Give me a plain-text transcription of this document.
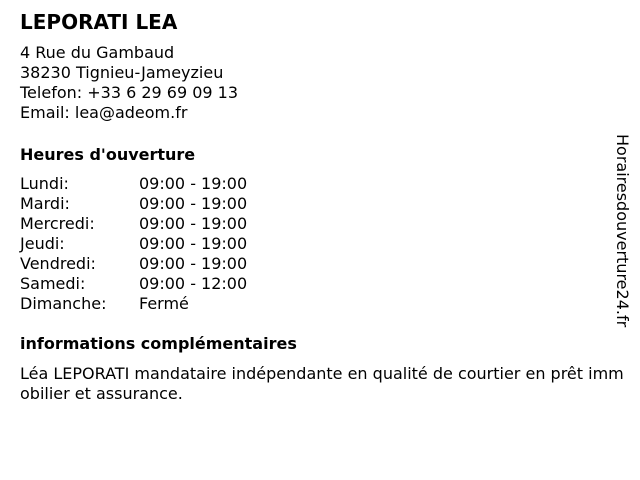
LEPORATI LEA
4 Rue du Gambaud
38230 Tignieu-Jameyzieu
Telefon: +33 6 29 69 09 13
Email: lea@adeom.fr
Heures d'ouverture
Lundi:	09:00 - 19:00
Mardi:	09:00 - 19:00
Mercredi:	09:00 - 19:00
Jeudi:	09:00 - 19:00
Vendredi:	09:00 - 19:00
Samedi:	09:00 - 12:00
Dimanche: Fermé
informations complémentaires
Léa LEPORATI mandataire indépendante en qualité de courtier en prêt immobilier et assurance.
Horairesdouverture24.fr
